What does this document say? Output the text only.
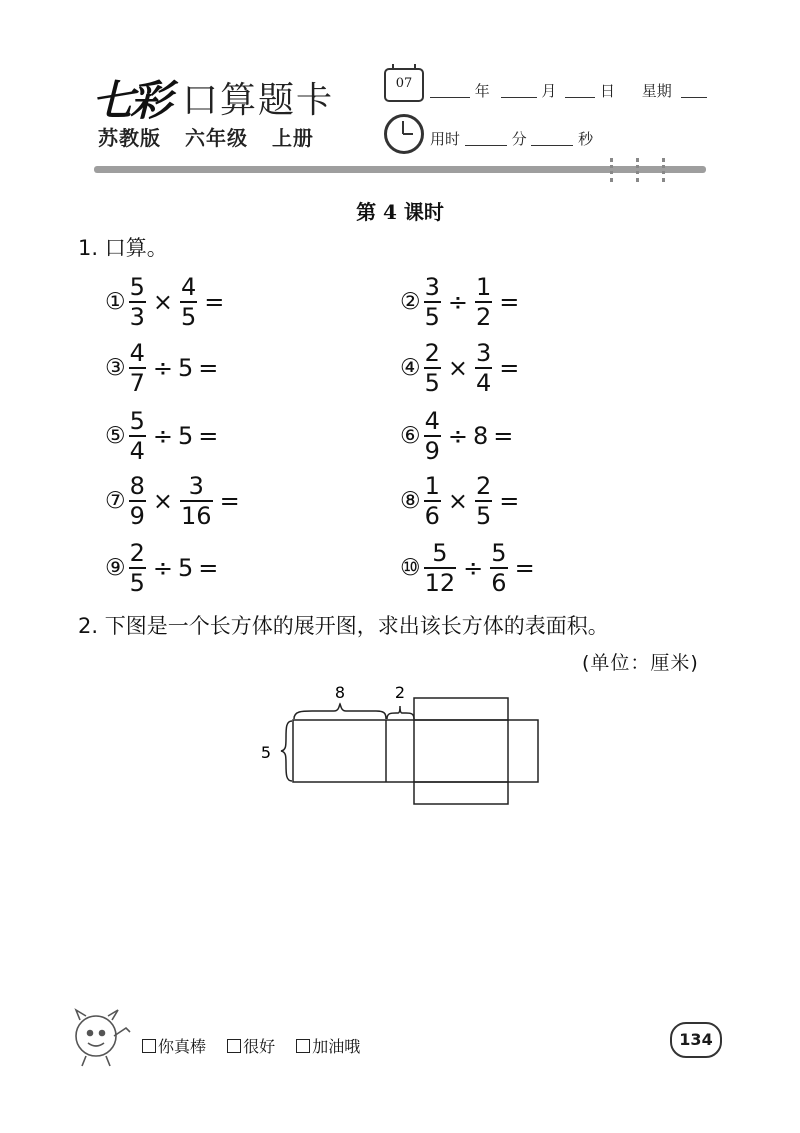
七彩 口算题卡
苏教版 六年级 上册
07	年	月	日 星期
用时	分	秒
第 4 课时
1. 口算。
① $\frac{5}{3} \times \frac{4}{5}$ =	② $\frac{3}{5} \div \frac{1}{2}$ =
③ $\frac{4}{7} \div 5$ =	④ $\frac{2}{5} \times \frac{3}{4}$ =
⑤ $\frac{5}{4} \div 5$ =	⑥ $\frac{4}{9} \div 8$ =
⑦ $\frac{8}{9} \times \frac{3}{16}$ =	⑧ $\frac{1}{6} \times \frac{2}{5}$ =
⑨ $\frac{2}{5} \div 5$ =	⑩ $\frac{5}{12} \div \frac{5}{6}$ =
2. 下图是一个长方体的展开图，求出该长方体的表面积。
(单位：厘米)
8	2
5
你真棒 很好 加油哦	134
